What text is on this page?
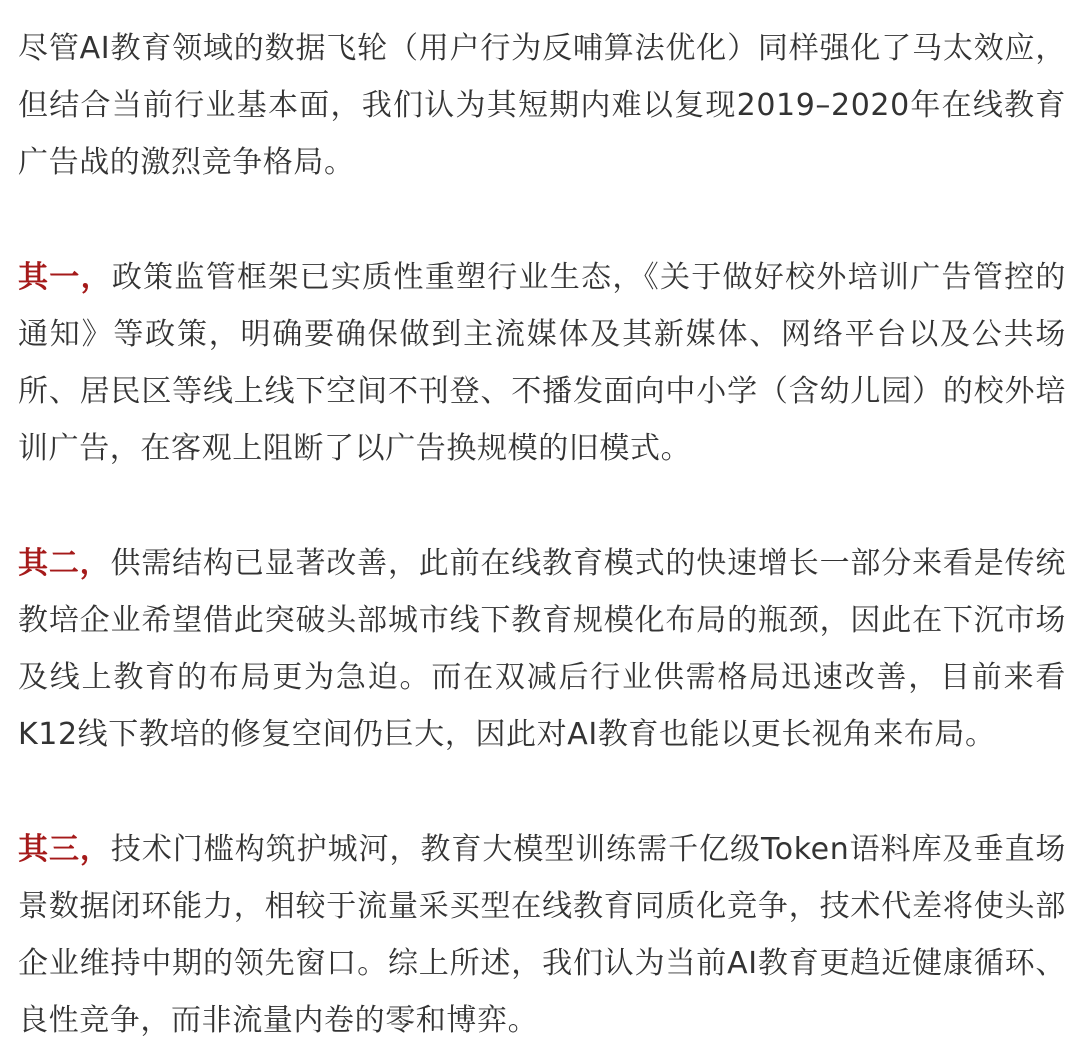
尽管AI教育领域的数据飞轮（用户行为反哺算法优化）同样强化了马太效应，但结合当前行业基本面，我们认为其短期内难以复现2019–2020年在线教育广告战的激烈竞争格局。

其一，政策监管框架已实质性重塑行业生态，《关于做好校外培训广告管控的通知》等政策，明确要确保做到主流媒体及其新媒体、网络平台以及公共场所、居民区等线上线下空间不刊登、不播发面向中小学（含幼儿园）的校外培训广告，在客观上阻断了以广告换规模的旧模式。

其二，供需结构已显著改善，此前在线教育模式的快速增长一部分来看是传统教培企业希望借此突破头部城市线下教育规模化布局的瓶颈，因此在下沉市场及线上教育的布局更为急迫。而在双减后行业供需格局迅速改善，目前来看K12线下教培的修复空间仍巨大，因此对AI教育也能以更长视角来布局。

其三，技术门槛构筑护城河，教育大模型训练需千亿级Token语料库及垂直场景数据闭环能力，相较于流量采买型在线教育同质化竞争，技术代差将使头部企业维持中期的领先窗口。综上所述，我们认为当前AI教育更趋近健康循环、良性竞争，而非流量内卷的零和博弈。
